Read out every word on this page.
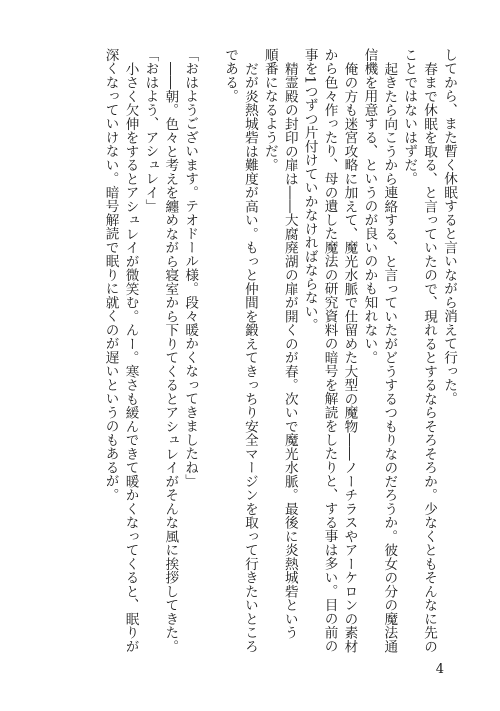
してから、また暫く休眠すると言いながら消えて行った。

春まで休眠を取る、と言っていたので、現れるとするならそろそろか。少なくともそんなに先の

ことではないはずだ。

起きたら向こうから連絡する、と言っていたがどうするつもりなのだろうか。彼女の分の魔法通

信機を用意する、というのが良いのかも知れない。

俺の方も迷宮攻略に加えて、魔光水脈で仕留めた大型の魔物――ノーチラスやアーケロンの素材

から色々作ったり、母の遺した魔法の研究資料の暗号を解読をしたりと、する事は多い。目の前の

事を1つずつ片付けていかなければならない。

精霊殿の封印の扉は――大腐廃湖の扉が開くのが春。次いで魔光水脈。最後に炎熱城砦という

順番になるようだ。

だが炎熱城砦は難度が高い。もっと仲間を鍛えてきっちり安全マージンを取って行きたいところ

である。

「おはようございます。テオドール様。段々暖かくなってきましたね」

――朝。色々と考えを纏めながら寝室から下りてくるとアシュレイがそんな風に挨拶してきた。

「おはよう、アシュレイ」

小さく欠伸をするとアシュレイが微笑む。んー。寒さも緩んできて暖かくなってくると、眠りが

深くなっていけない。暗号解読で眠りに就くのが遅いというのもあるが。

4
